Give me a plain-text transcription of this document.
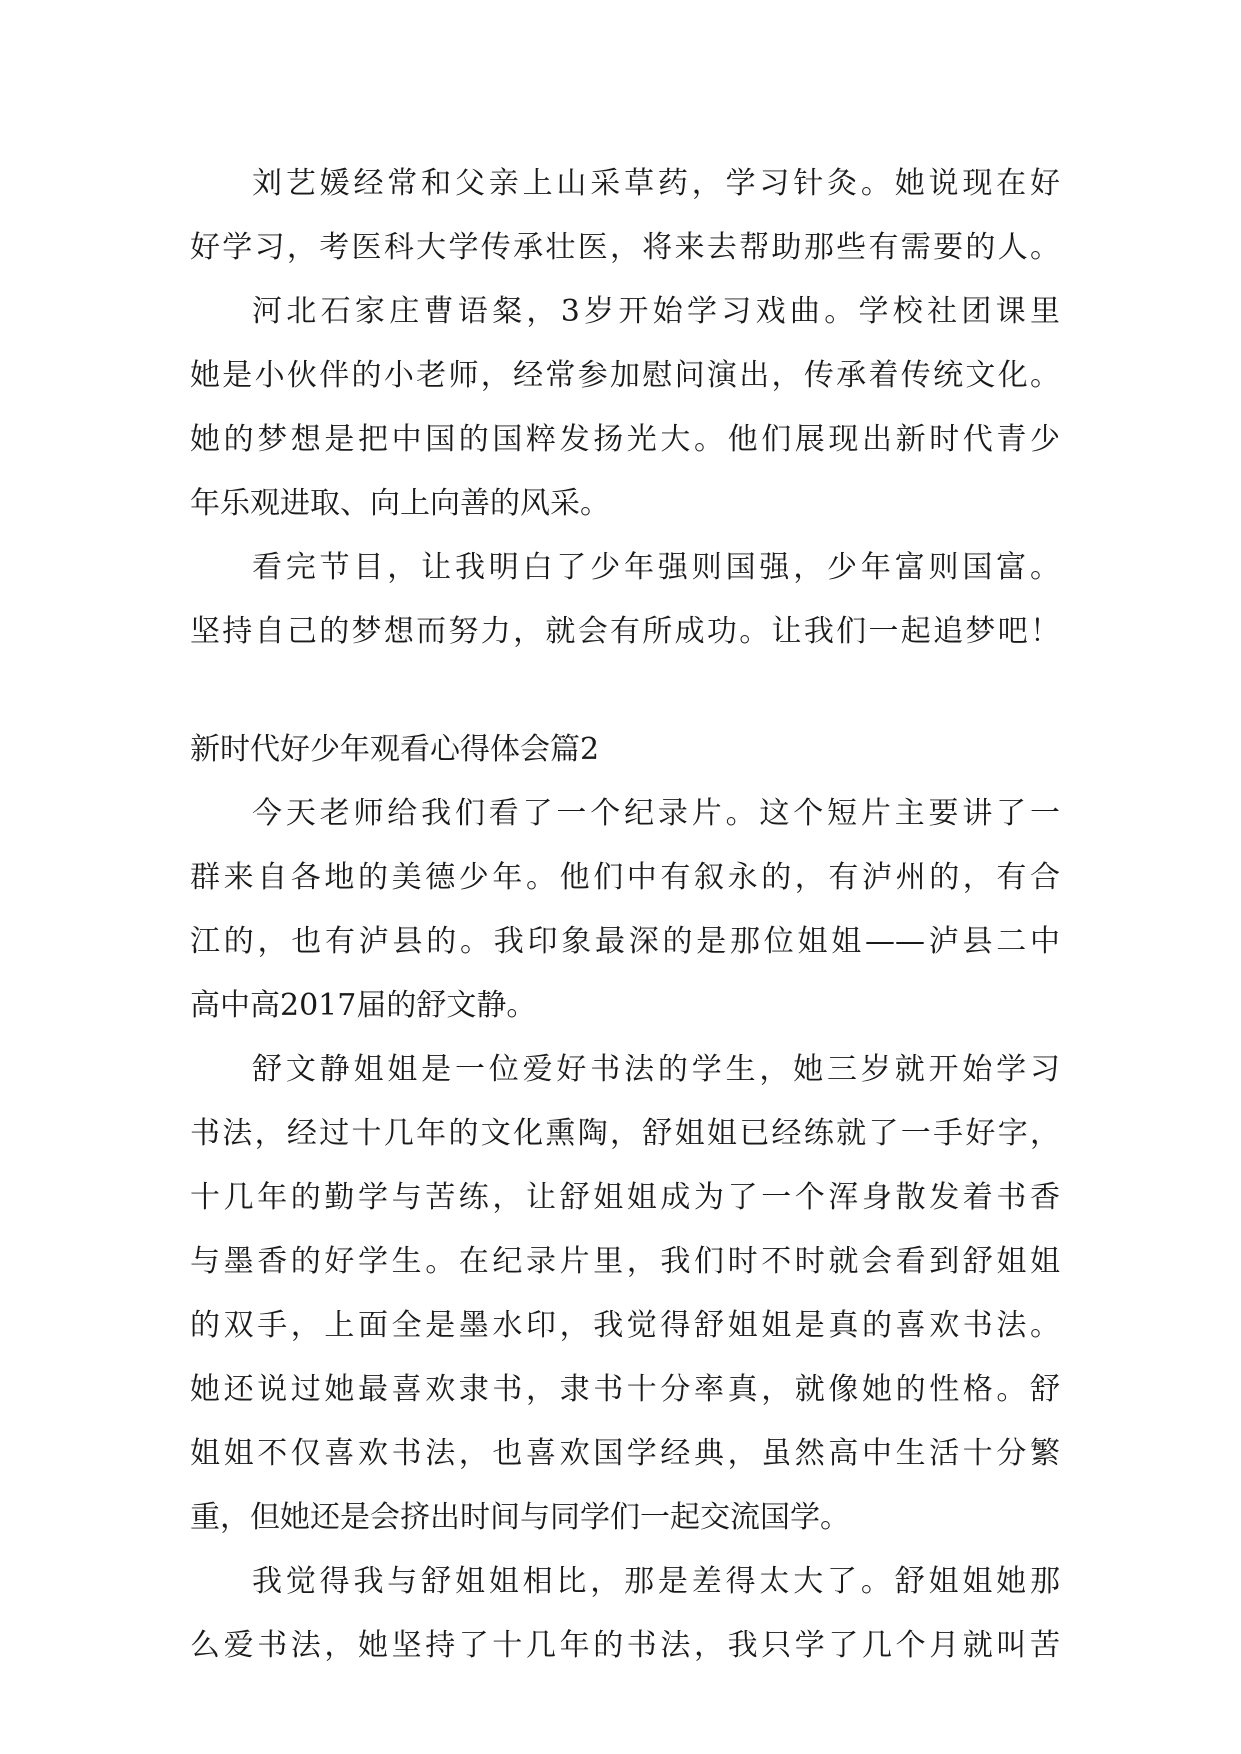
刘艺媛经常和父亲上山采草药，学习针灸。她说现在好
好学习，考医科大学传承壮医，将来去帮助那些有需要的人。
河北石家庄曹语粲，3岁开始学习戏曲。学校社团课里
她是小伙伴的小老师，经常参加慰问演出，传承着传统文化。
她的梦想是把中国的国粹发扬光大。他们展现出新时代青少
年乐观进取、向上向善的风采。
看完节目，让我明白了少年强则国强，少年富则国富。
坚持自己的梦想而努力，就会有所成功。让我们一起追梦吧！
新时代好少年观看心得体会篇2
今天老师给我们看了一个纪录片。这个短片主要讲了一
群来自各地的美德少年。他们中有叙永的，有泸州的，有合
江的，也有泸县的。我印象最深的是那位姐姐——泸县二中
高中高2017届的舒文静。
舒文静姐姐是一位爱好书法的学生，她三岁就开始学习
书法，经过十几年的文化熏陶，舒姐姐已经练就了一手好字，
十几年的勤学与苦练，让舒姐姐成为了一个浑身散发着书香
与墨香的好学生。在纪录片里，我们时不时就会看到舒姐姐
的双手，上面全是墨水印，我觉得舒姐姐是真的喜欢书法。
她还说过她最喜欢隶书，隶书十分率真，就像她的性格。舒
姐姐不仅喜欢书法，也喜欢国学经典，虽然高中生活十分繁
重，但她还是会挤出时间与同学们一起交流国学。
我觉得我与舒姐姐相比，那是差得太大了。舒姐姐她那
么爱书法，她坚持了十几年的书法，我只学了几个月就叫苦
